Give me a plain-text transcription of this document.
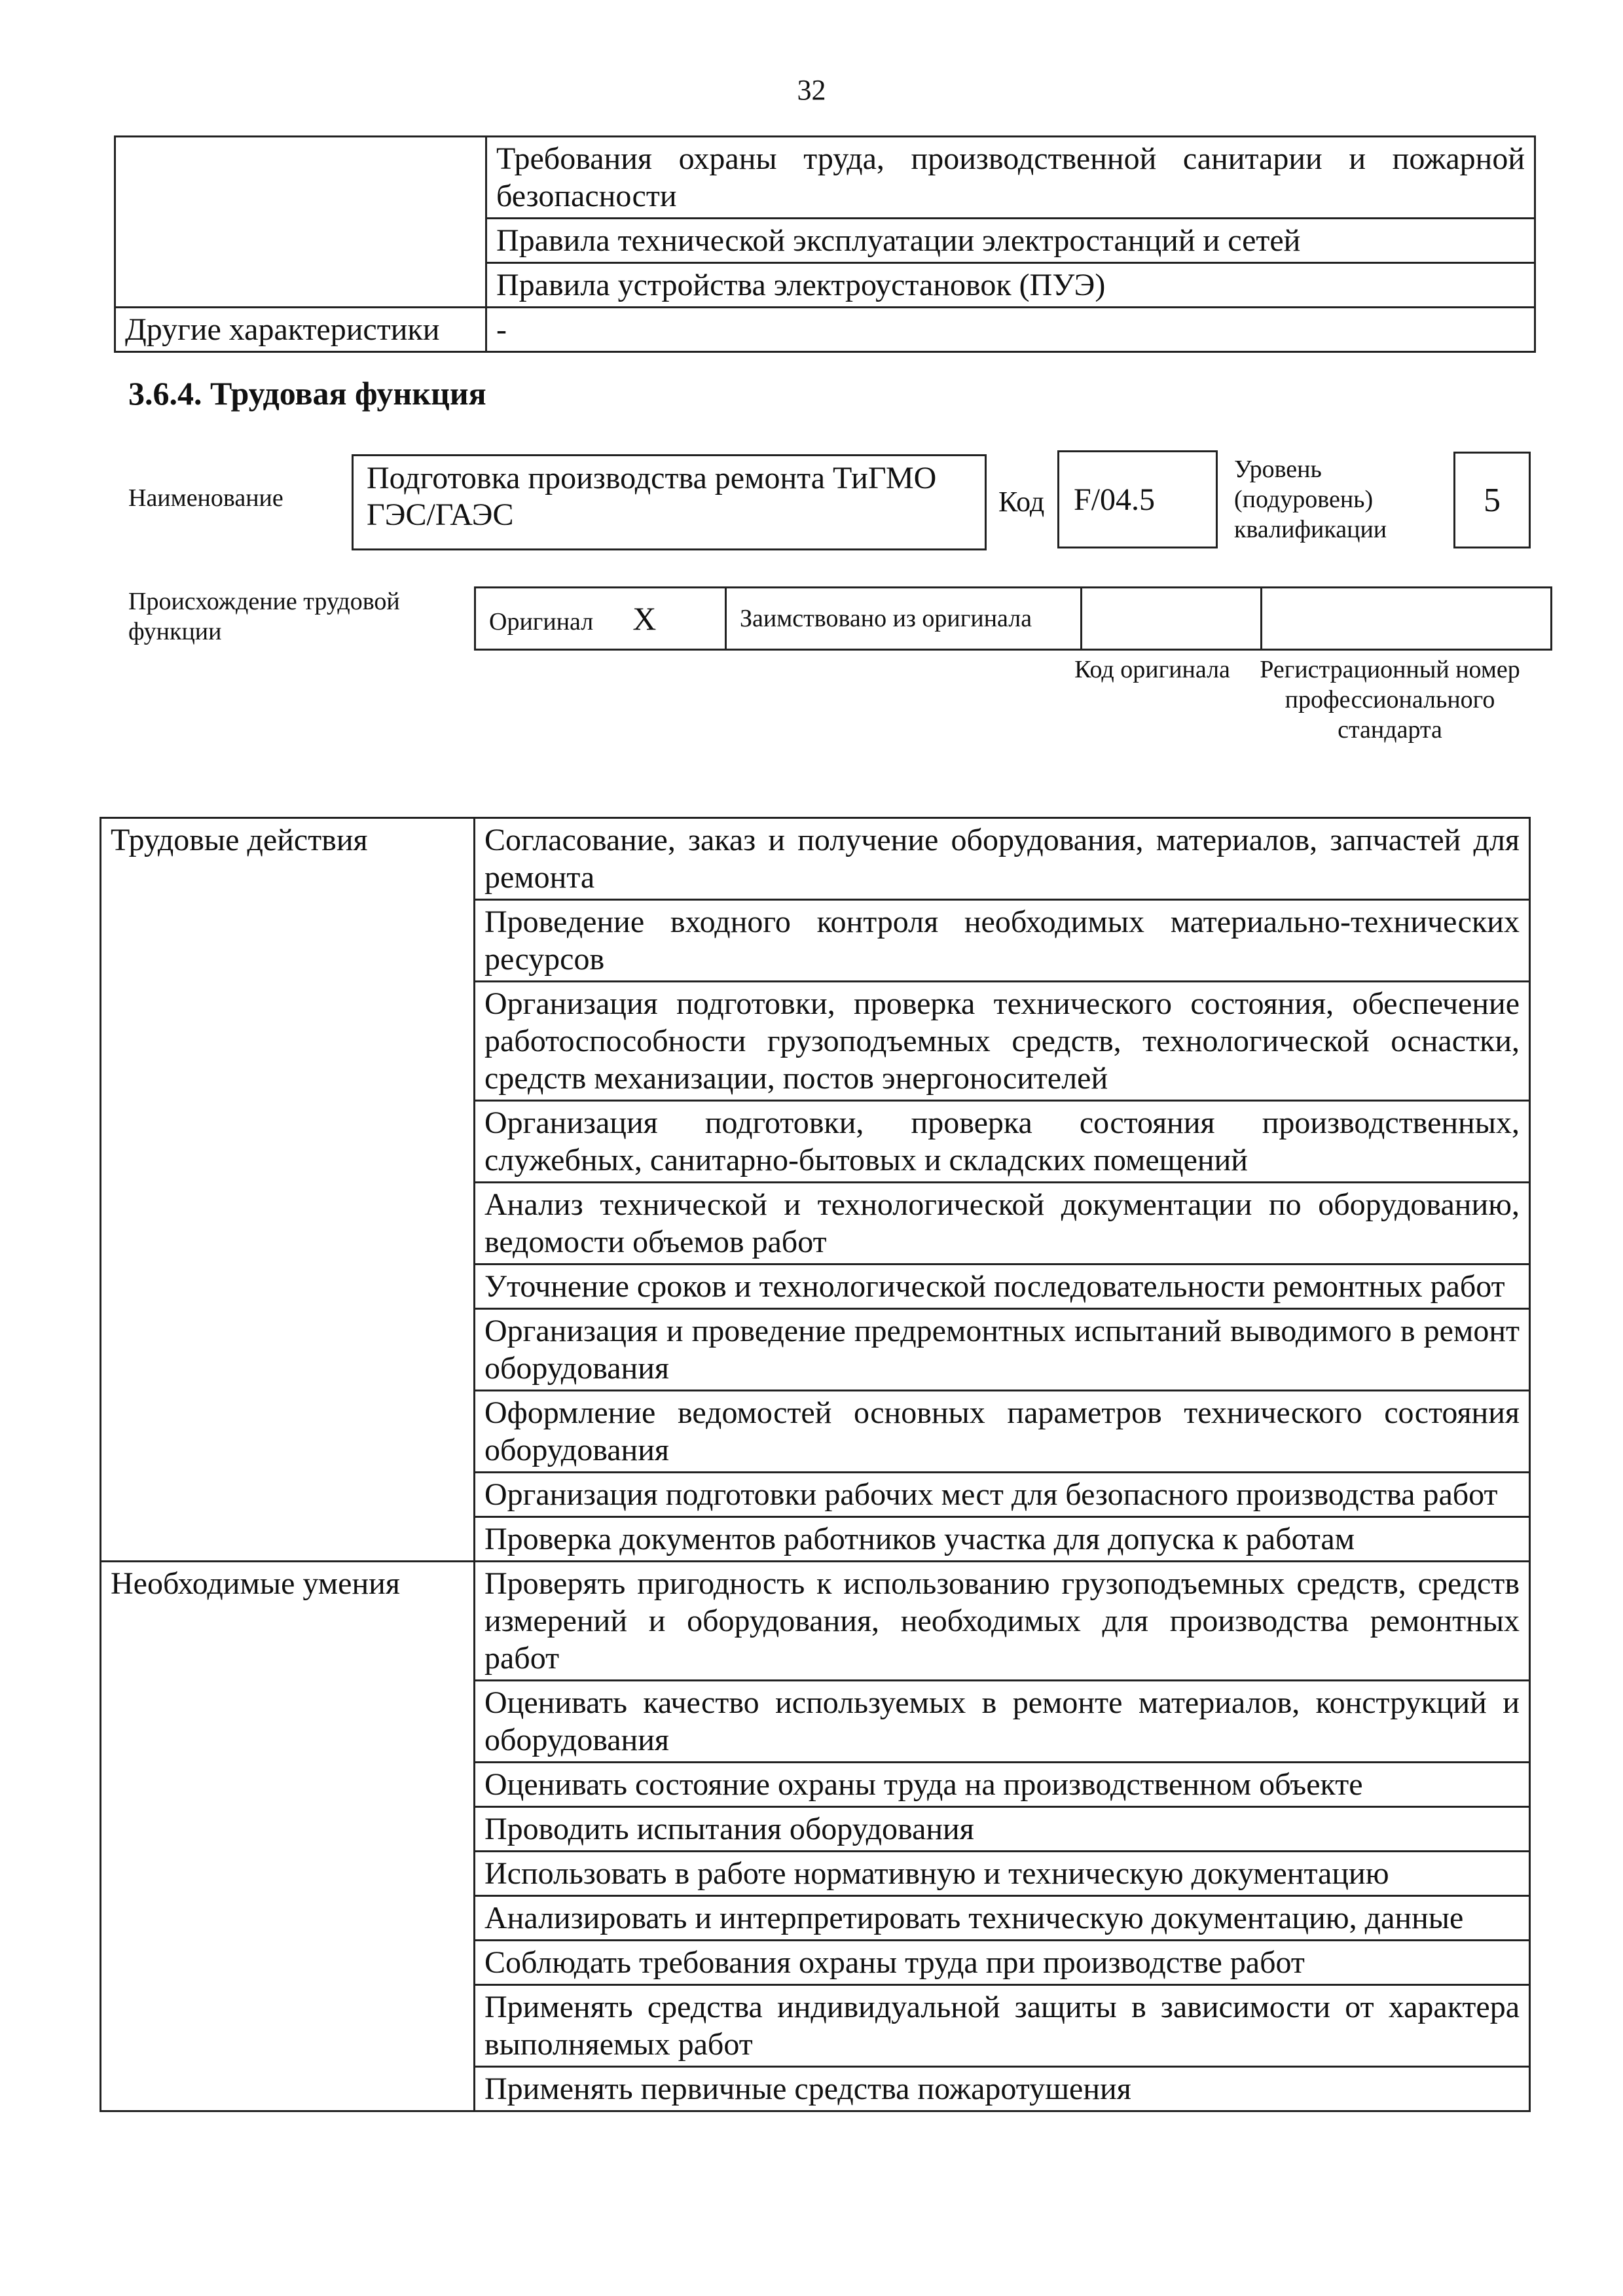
32
	Требования охраны труда, производственной санитарии и пожарной безопасности
	Правила технической эксплуатации электростанций и сетей
	Правила устройства электроустановок (ПУЭ)
Другие характеристики	-
3.6.4. Трудовая функция
Наименование
Подготовка производства ремонта ТиГМО ГЭС/ГАЭС	Код F/04.5
Уровень (подуровень) квалификации
5
Происхождение трудовой функции	Оригинал X	Заимствовано из оригинала		
Код оригинала Регистрационный номер профессионального стандарта
Трудовые действия	Согласование, заказ и получение оборудования, материалов, запчастей для ремонта
	Проведение входного контроля необходимых материально-технических ресурсов
	Организация подготовки, проверка технического состояния, обеспечение работоспособности грузоподъемных средств, технологической оснастки, средств механизации, постов энергоносителей
	Организация подготовки, проверка состояния производственных, служебных, санитарно-бытовых и складских помещений
	Анализ технической и технологической документации по оборудованию, ведомости объемов работ
	Уточнение сроков и технологической последовательности ремонтных работ
	Организация и проведение предремонтных испытаний выводимого в ремонт оборудования
	Оформление ведомостей основных параметров технического состояния оборудования
	Организация подготовки рабочих мест для безопасного производства работ
	Проверка документов работников участка для допуска к работам
Необходимые умения	Проверять пригодность к использованию грузоподъемных средств, средств измерений и оборудования, необходимых для производства ремонтных работ
	Оценивать качество используемых в ремонте материалов, конструкций и оборудования
	Оценивать состояние охраны труда на производственном объекте
	Проводить испытания оборудования
	Использовать в работе нормативную и техническую документацию
	Анализировать и интерпретировать техническую документацию, данные
	Соблюдать требования охраны труда при производстве работ
	Применять средства индивидуальной защиты в зависимости от характера выполняемых работ
	Применять первичные средства пожаротушения
